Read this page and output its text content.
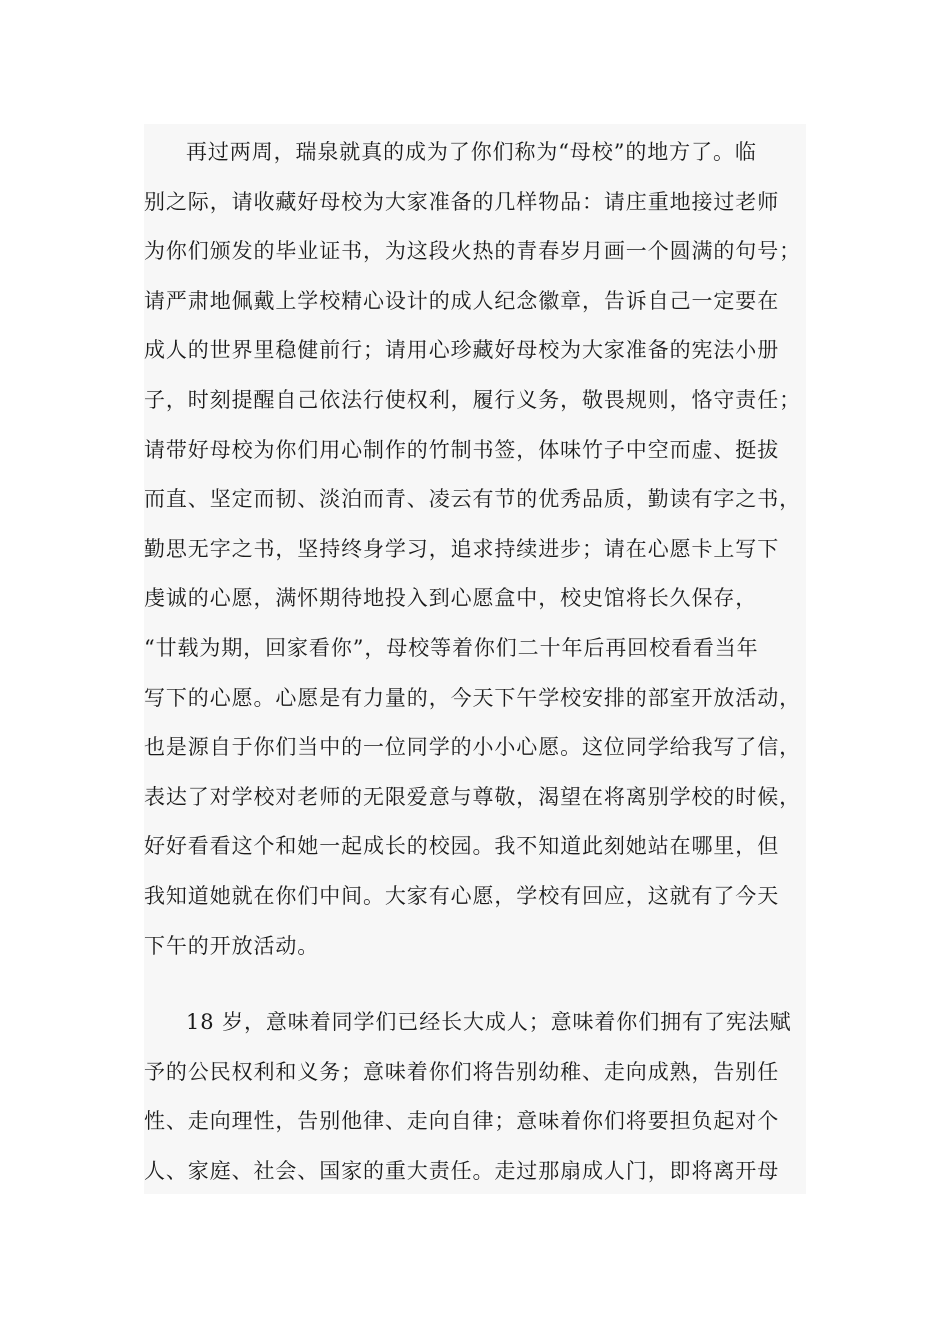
再过两周，瑞泉就真的成为了你们称为“母校”的地方了。临
别之际，请收藏好母校为大家准备的几样物品：请庄重地接过老师
为你们颁发的毕业证书，为这段火热的青春岁月画一个圆满的句号；
请严肃地佩戴上学校精心设计的成人纪念徽章，告诉自己一定要在
成人的世界里稳健前行；请用心珍藏好母校为大家准备的宪法小册
子，时刻提醒自己依法行使权利，履行义务，敬畏规则，恪守责任；
请带好母校为你们用心制作的竹制书签，体味竹子中空而虚、挺拔
而直、坚定而韧、淡泊而青、凌云有节的优秀品质，勤读有字之书，
勤思无字之书，坚持终身学习，追求持续进步；请在心愿卡上写下
虔诚的心愿，满怀期待地投入到心愿盒中，校史馆将长久保存，
“廿载为期，回家看你”，母校等着你们二十年后再回校看看当年
写下的心愿。心愿是有力量的，今天下午学校安排的部室开放活动，
也是源自于你们当中的一位同学的小小心愿。这位同学给我写了信，
表达了对学校对老师的无限爱意与尊敬，渴望在将离别学校的时候，
好好看看这个和她一起成长的校园。我不知道此刻她站在哪里，但
我知道她就在你们中间。大家有心愿，学校有回应，这就有了今天
下午的开放活动。
18 岁，意味着同学们已经长大成人；意味着你们拥有了宪法赋
予的公民权利和义务；意味着你们将告别幼稚、走向成熟，告别任
性、走向理性，告别他律、走向自律；意味着你们将要担负起对个
人、家庭、社会、国家的重大责任。走过那扇成人门，即将离开母
